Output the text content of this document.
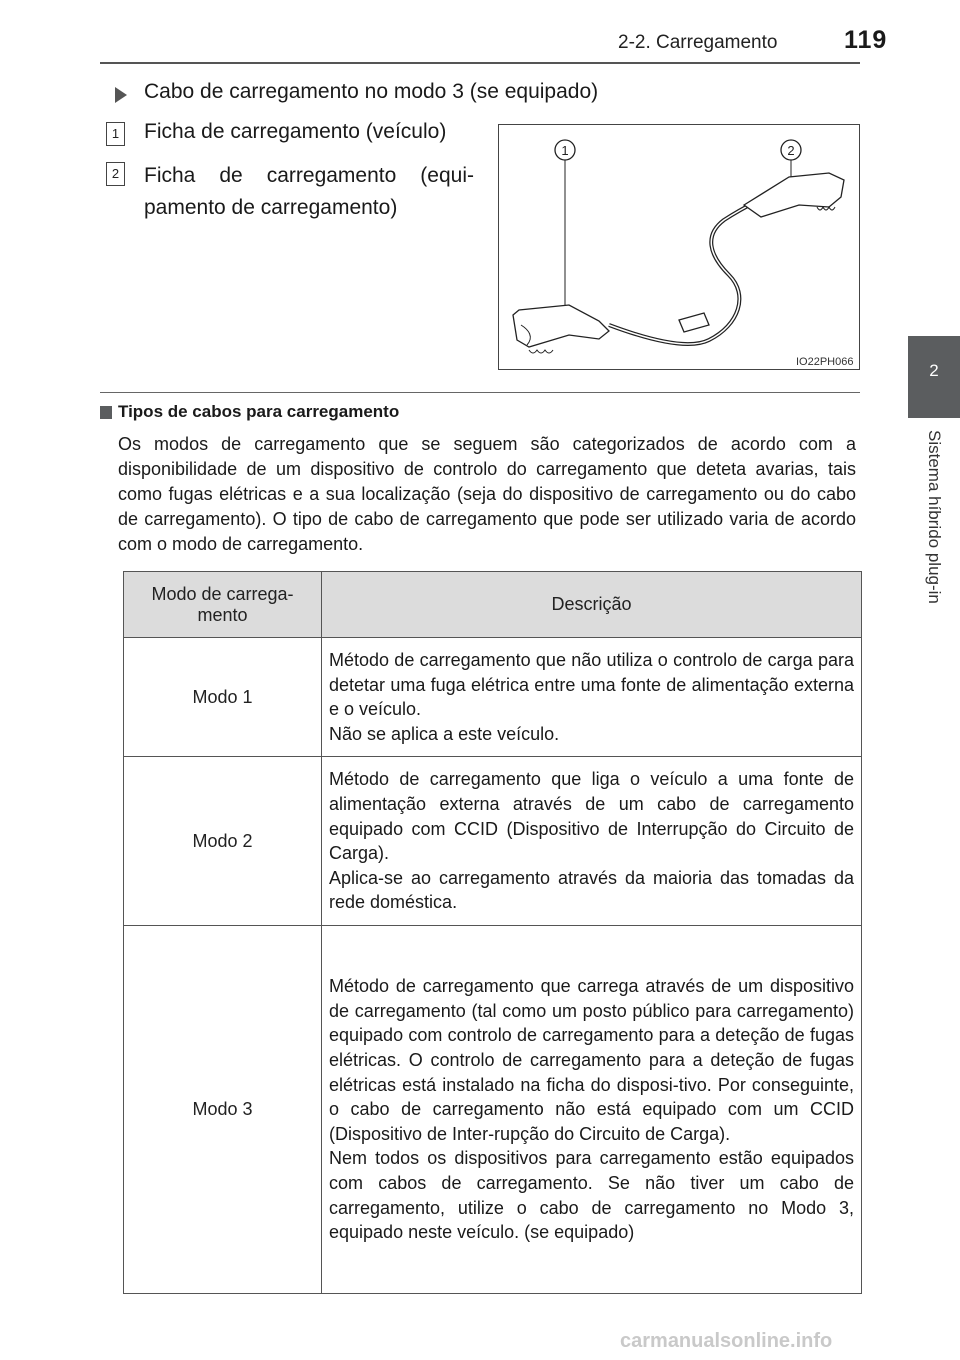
2-2. Carregamento	119
2
Sistema híbrido plug-in
Cabo de carregamento no modo 3 (se equipado)
1 Ficha de carregamento (veículo)
2 Ficha de carregamento (equi-pamento de carregamento)
1	2
IO22PH066
Tipos de cabos para carregamento
Os modos de carregamento que se seguem são categorizados de acordo com a disponibilidade de um dispositivo de controlo do carregamento que deteta avarias, tais como fugas elétricas e a sua localização (seja do dispositivo de carregamento ou do cabo de carregamento). O tipo de cabo de carregamento que pode ser utilizado varia de acordo com o modo de carregamento.
Modo de carrega-mento	Descrição
Modo 1	Método de carregamento que não utiliza o controlo de carga para detetar uma fuga elétrica entre uma fonte de alimentação externa e o veículo.
Não se aplica a este veículo.

Modo 2	Método de carregamento que liga o veículo a uma fonte de alimentação externa através de um cabo de carregamento equipado com CCID (Dispositivo de Interrupção do Circuito de Carga).
Aplica-se ao carregamento através da maioria das tomadas da rede doméstica.

Modo 3	Método de carregamento que carrega através de um dispositivo de carregamento (tal como um posto público para carregamento) equipado com controlo de carregamento para a deteção de fugas elétricas. O controlo de carregamento para a deteção de fugas elétricas está instalado na ficha do disposi-tivo. Por conseguinte, o cabo de carregamento não está equipado com um CCID (Dispositivo de Inter-rupção do Circuito de Carga).
Nem todos os dispositivos para carregamento estão equipados com cabos de carregamento. Se não tiver um cabo de carregamento, utilize o cabo de carregamento no Modo 3, equipado neste veículo. (se equipado)
carmanualsonline.info
